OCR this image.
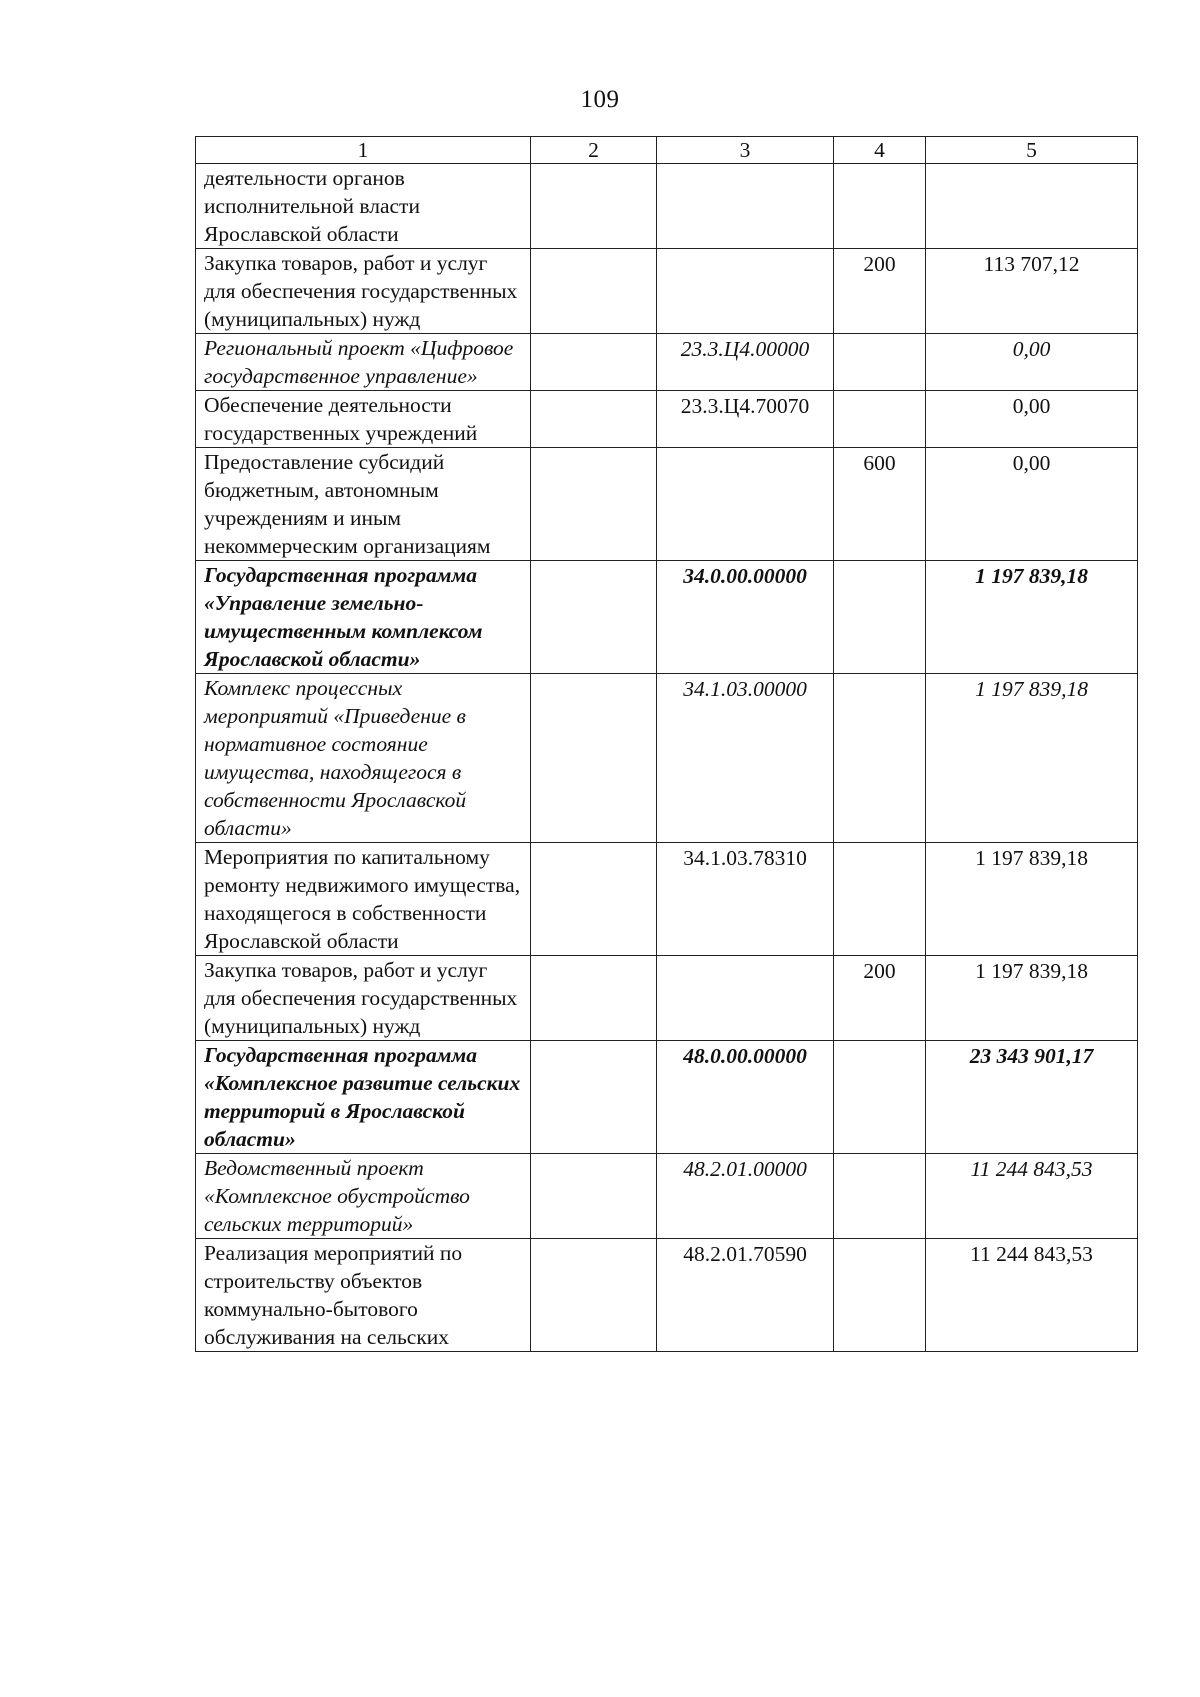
109
1	2	3	4	5
деятельности органов исполнительной власти Ярославской области				
Закупка товаров, работ и услуг для обеспечения государственных (муниципальных) нужд			200	113 707,12
Региональный проект «Цифровое государственное управление»		23.3.Ц4.00000		0,00
Обеспечение деятельности государственных учреждений		23.3.Ц4.70070		0,00
Предоставление субсидий бюджетным, автономным учреждениям и иным некоммерческим организациям			600	0,00
Государственная программа «Управление земельно-имущественным комплексом Ярославской области»		34.0.00.00000		1 197 839,18
Комплекс процессных мероприятий «Приведение в нормативное состояние имущества, находящегося в собственности Ярославской области»		34.1.03.00000		1 197 839,18
Мероприятия по капитальному ремонту недвижимого имущества, находящегося в собственности Ярославской области		34.1.03.78310		1 197 839,18
Закупка товаров, работ и услуг для обеспечения государственных (муниципальных) нужд			200	1 197 839,18
Государственная программа «Комплексное развитие сельских территорий в Ярославской области»		48.0.00.00000		23 343 901,17
Ведомственный проект «Комплексное обустройство сельских территорий»		48.2.01.00000		11 244 843,53
Реализация мероприятий по строительству объектов коммунально-бытового обслуживания на сельских		48.2.01.70590		11 244 843,53
